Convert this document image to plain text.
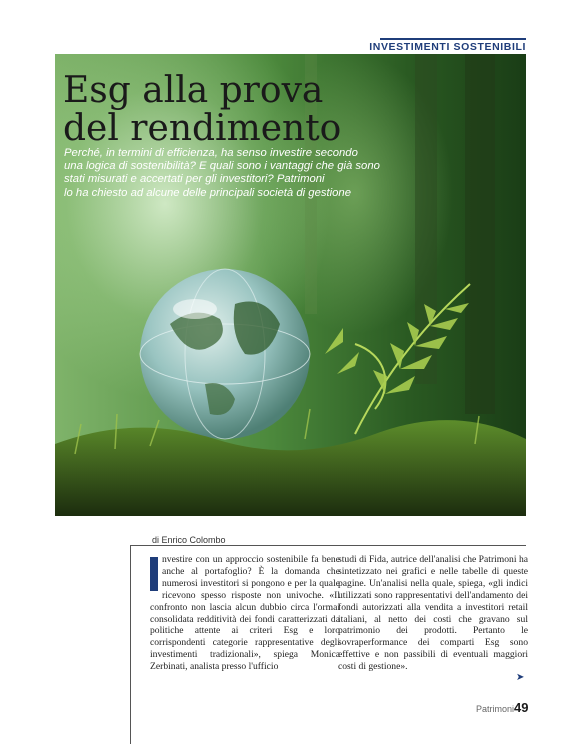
INVESTIMENTI SOSTENIBILI
Esg alla prova
del rendimento
Perché, in termini di efficienza, ha senso investire secondo
una logica di sostenibilità? E quali sono i vantaggi che già sono
stati misurati e accertati per gli investitori? Patrimoni
lo ha chiesto ad alcune delle principali società di gestione
di Enrico Colombo
nvestire con un approccio sostenibile fa bene anche al portafoglio? È la domanda che numerosi investitori si pongono e per la quale ricevono spesso risposte non univoche. «Il confronto non lascia alcun dubbio circa l'ormai consolidata redditività dei fondi caratterizzati da politiche attente ai criteri Esg e loro corrispondenti categorie rappresentative degli investimenti tradizionali», spiega Monica Zerbinati, analista presso l'ufficio
studi di Fida, autrice dell'analisi che Patrimoni ha sintetizzato nei grafici e nelle tabelle di queste pagine. Un'analisi nella quale, spiega, «gli indici utilizzati sono rappresentativi dell'andamento dei fondi autorizzati alla vendita a investitori retail italiani, al netto dei costi che gravano sul patrimonio dei prodotti. Pertanto le sovraperformance dei comparti Esg sono effettive e non passibili di eventuali maggiori costi di gestione».
➤
Patrimoni 49
